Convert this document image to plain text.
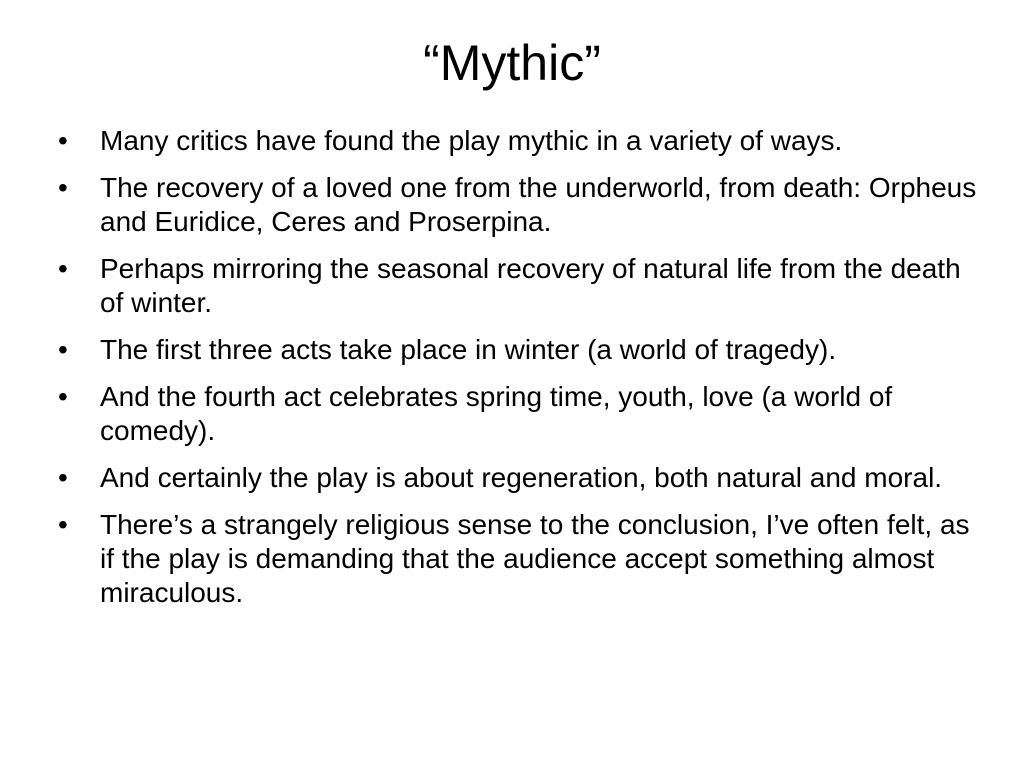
“Mythic”
•	Many critics have found the play mythic in a variety of ways.
•	The recovery of a loved one from the underworld, from death: Orpheus and Euridice, Ceres and Proserpina.
•	Perhaps mirroring the seasonal recovery of natural life from the death of winter.
•	The first three acts take place in winter (a world of tragedy).
•	And the fourth act celebrates spring time, youth, love (a world of comedy).
•	And certainly the play is about regeneration, both natural and moral.
•	There’s a strangely religious sense to the conclusion, I’ve often felt, as if the play is demanding that the audience accept something almost miraculous.
